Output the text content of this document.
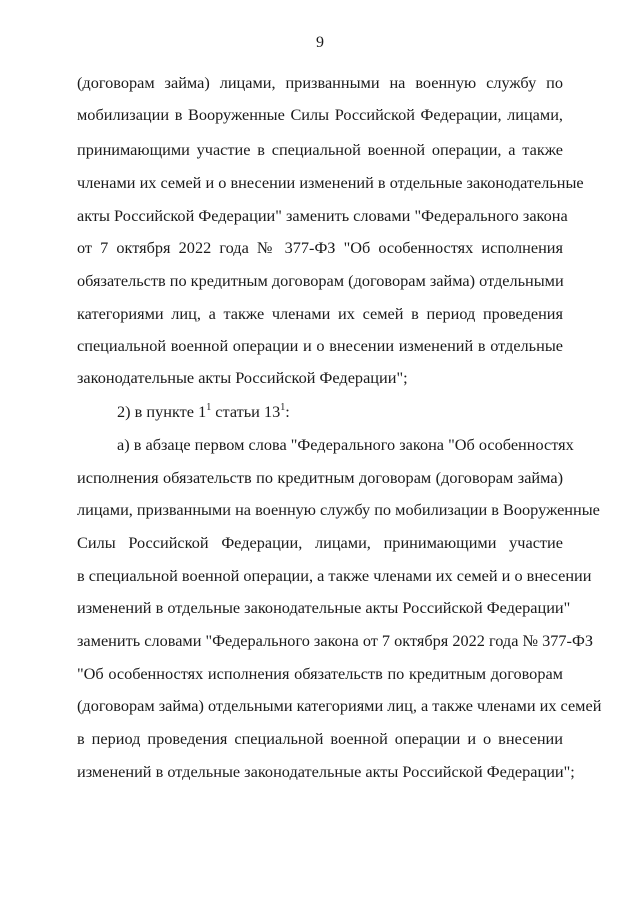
9
(договорам займа) лицами, призванными на военную службу по
мобилизации в Вооруженные Силы Российской Федерации, лицами,
принимающими участие в специальной военной операции, а также
членами их семей и о внесении изменений в отдельные законодательные
акты Российской Федерации" заменить словами "Федерального закона
от 7 октября 2022 года № 377-ФЗ "Об особенностях исполнения
обязательств по кредитным договорам (договорам займа) отдельными
категориями лиц, а также членами их семей в период проведения
специальной военной операции и о внесении изменений в отдельные
законодательные акты Российской Федерации";
2) в пункте $1^1$ статьи $13^1$:
а) в абзаце первом слова "Федерального закона "Об особенностях
исполнения обязательств по кредитным договорам (договорам займа)
лицами, призванными на военную службу по мобилизации в Вооруженные
Силы Российской Федерации, лицами, принимающими участие
в специальной военной операции, а также членами их семей и о внесении
изменений в отдельные законодательные акты Российской Федерации"
заменить словами "Федерального закона от 7 октября 2022 года № 377-ФЗ
"Об особенностях исполнения обязательств по кредитным договорам
(договорам займа) отдельными категориями лиц, а также членами их семей
в период проведения специальной военной операции и о внесении
изменений в отдельные законодательные акты Российской Федерации";
